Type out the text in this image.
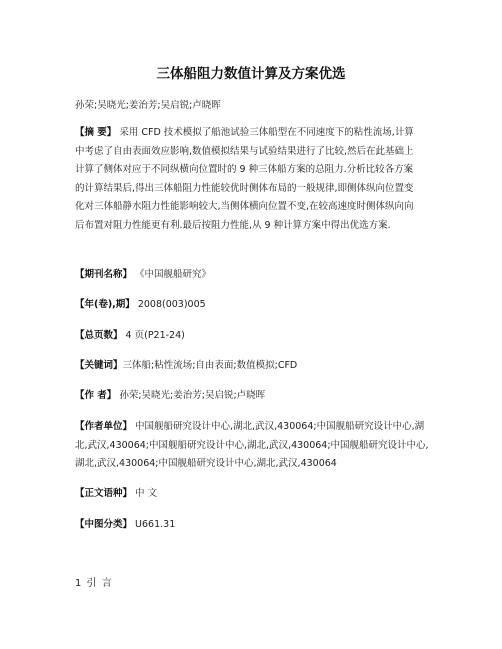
三体船阻力数值计算及方案优选
孙荣;吴晓光;姜治芳;吴启锐;卢晓晖
【摘 要】 采用 CFD 技术模拟了船池试验三体船型在不同速度下的粘性流场,计算
中考虑了自由表面效应影响,数值模拟结果与试验结果进行了比较,然后在此基础上
计算了侧体对应于不同纵横向位置时的 9 种三体船方案的总阻力.分析比较各方案
的计算结果后,得出三体船阻力性能较优时侧体布局的一般规律,即侧体纵向位置变
化对三体船静水阻力性能影响较大,当侧体横向位置不变,在较高速度时侧体纵向向
后布置对阻力性能更有利.最后按阻力性能,从 9 种计算方案中得出优选方案.
【期刊名称】 《中国舰船研究》
【年(卷),期】 2008(003)005
【总页数】 4 页(P21-24)
【关键词】三体船;粘性流场;自由表面;数值模拟;CFD
【作 者】 孙荣;吴晓光;姜治芳;吴启锐;卢晓晖
【作者单位】 中国舰船研究设计中心,湖北,武汉,430064;中国舰船研究设计中心,湖
北,武汉,430064;中国舰船研究设计中心,湖北,武汉,430064;中国舰船研究设计中心,
湖北,武汉,430064;中国舰船研究设计中心,湖北,武汉,430064
【正文语种】 中 文
【中图分类】 U661.31
1 引 言
